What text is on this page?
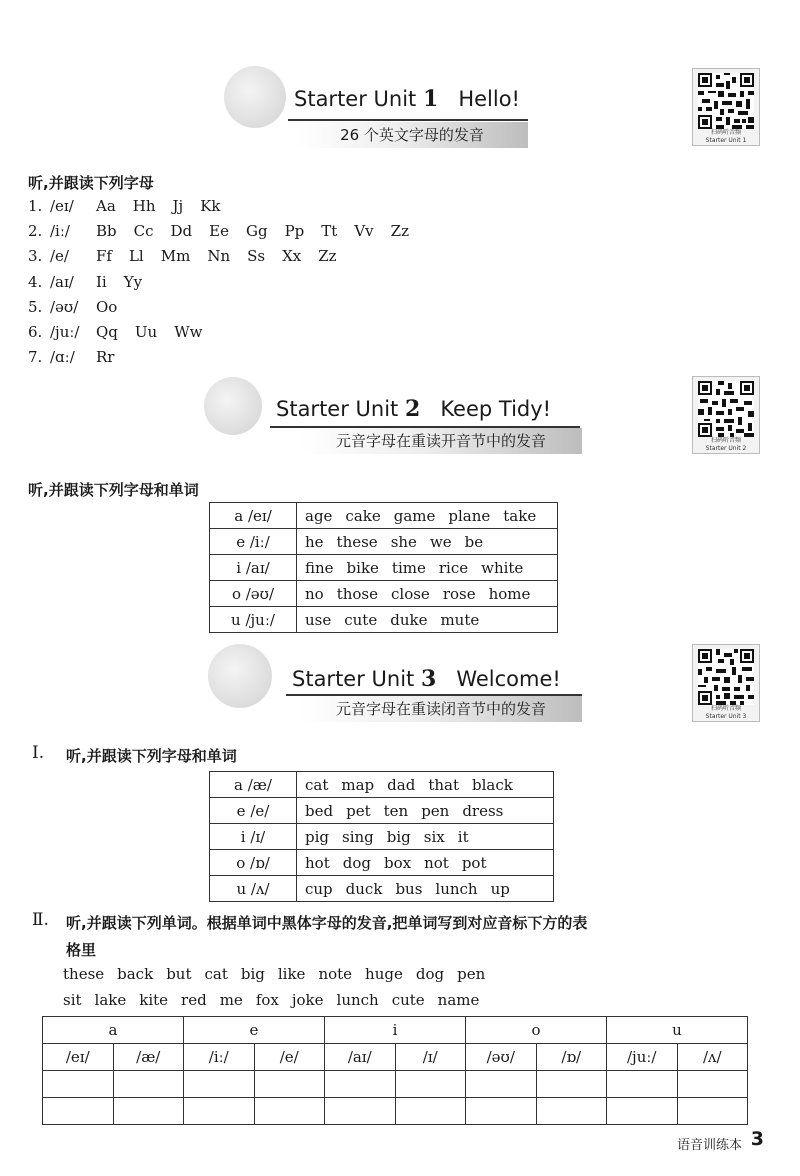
Starter Unit 1 Hello!
26 个英文字母的发音	扫码听音频
Starter Unit 1
听,并跟读下列字母
1. /eɪ/ Aa Hh Jj Kk
2. /iː/ Bb Cc Dd Ee Gg Pp Tt Vv Zz
3. /e/ Ff Ll Mm Nn Ss Xx Zz
4. /aɪ/ Ii Yy
5. /əʊ/ Oo
6. /juː/ Qq Uu Ww
7. /ɑː/ Rr
Starter Unit 2 Keep Tidy!
元音字母在重读开音节中的发音	扫码听音频
Starter Unit 2
听,并跟读下列字母和单词
a /eɪ/	age cake game plane take
e /iː/	he these she we be
i /aɪ/	fine bike time rice white
o /əʊ/	no those close rose home
u /juː/	use cute duke mute
Starter Unit 3 Welcome!
元音字母在重读闭音节中的发音	扫码听音频
Starter Unit 3
Ⅰ. 听,并跟读下列字母和单词
a /æ/	cat map dad that black
e /e/	bed pet ten pen dress
i /ɪ/	pig sing big six it
o /ɒ/	hot dog box not pot
u /ʌ/	cup duck bus lunch up
Ⅱ. 听,并跟读下列单词。根据单词中黑体字母的发音,把单词写到对应音标下方的表
格里
these back but cat big like note huge dog pen
sit lake kite red me fox joke lunch cute name
a		e		i		o		u	
/eɪ/	/æ/	/iː/	/e/	/aɪ/	/ɪ/	/əʊ/	/ɒ/	/juː/	/ʌ/

语音训练本 3
